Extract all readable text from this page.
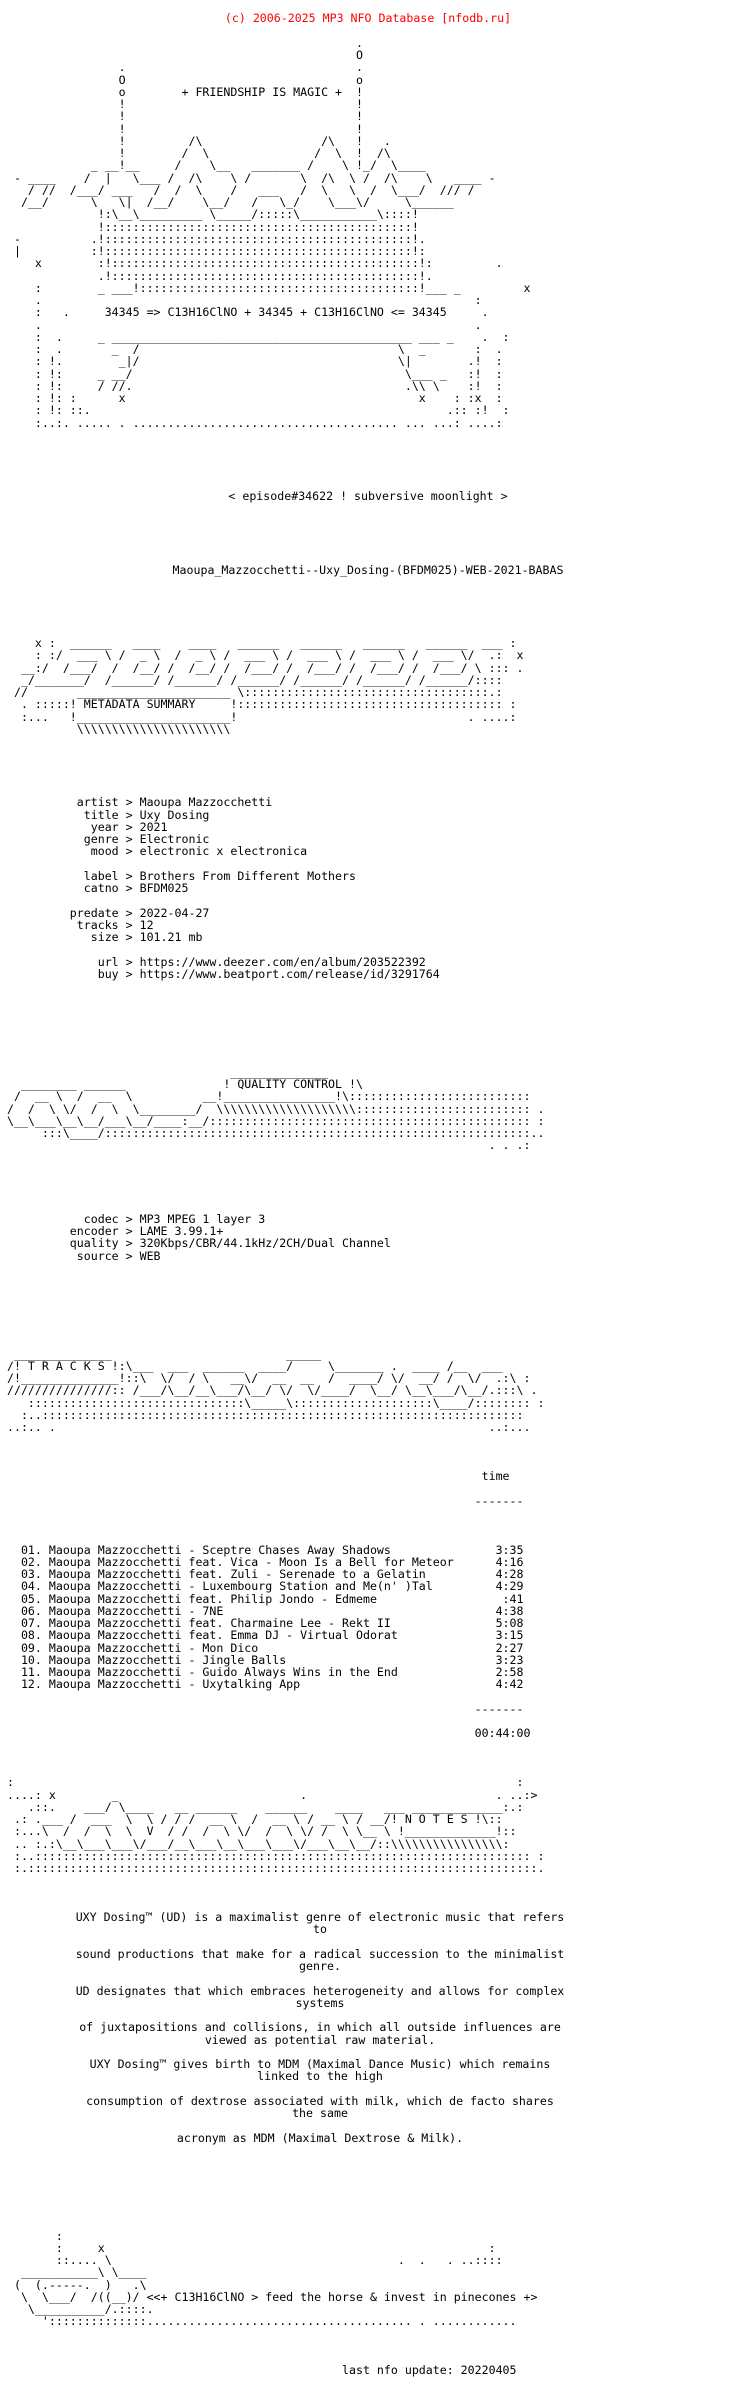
(c) 2006-2025 MP3 NFO Database [nfodb.ru]

.
O
.                                 .
O                                 o
o        + FRIENDSHIP IS MAGIC +  !
!                                 !
!                                 !
!                                 !
!         /\                 /\   !   .
!        /  \               /  \  !  /\
_ __!__     /    \__   _______ /    \ !_/  \____
- ____    /  |   \___ /  /\    \ /       \  /\  \ /  /\    \   ____ -
/ //  /___/ ___   /  /  \    /   ___   /  \   \  /  \___/  /// /
/__/      \   \|  /__/    \__/   /   \_/    \___\/     \______
!:\__\_________ \_____/:::::\___________\::::!
!::::::::::::::::::::::::::::::::::::::::::::!
-          .!::::::::::::::::::::::::::::::::::::::::::::!.
|          :!::::::::::::::::::::::::::::::::::::::::::::!:
x        :!::::::::::::::::::::::::::::::::::::::::::::!:         .
.!::::::::::::::::::::::::::::::::::::::::::::!.
:        _ ___!::::::::::::::::::::::::::::::::::::::::!___ _         x
.                                                              :
:   .     34345 => C13H16ClNO + 34345 + C13H16ClNO <= 34345     .
.                                                              .
:  .     _ ___________________________________________ ___ _    .  :
:  .       _  /                                     \  _       :  .
: !.        _|/                                     \|        .!  :
: !:     _ __/                                       \___ _   :!  :
: !:     / //.                                       .\\ \    :!  :
: !: :      x                                          x    : :x  :
: !: ::.                                                   .:: :!  :
:..:. ..... . ...................................... ... ...: ....:

< episode#34622 ! subversive moonlight >

Maoupa_Mazzocchetti--Uxy_Dosing-(BFDM025)-WEB-2021-BABAS

x :  ______   ____    ____   ______   ______   ______   ______  ___ :
: :/  ___ \ /  _ \  /  _ \ /  ___ \ /  ___ \ /  ___ \ /  ___ \/  .:  x
__:/  /___/  /  /__/ /  /__/ /  /___/ /  /___/ /  /___/ /  /___/ \ ::: .
_/_______/  /______/ /______/ /______/ /______/ /______/ /______/::::
//       ______________________ \:::::::::::::::::::::::::::::::::::.:
. :::::! METADATA SUMMARY     !:::::::::::::::::::::::::::::::::::::: :
:...   !______________________!                                 . ....:
\\\\\\\\\\\\\\\\\\\\\\

artist > Maoupa Mazzocchetti
title > Uxy Dosing
year > 2021
genre > Electronic
mood > electronic x electronica

label > Brothers From Different Mothers
catno > BFDM025

predate > 2022-04-27
tracks > 12
size > 101.21 mb

url > https://www.deezer.com/en/album/203522392
buy > https://www.beatport.com/release/id/3291764

______________
________ ______              ! QUALITY CONTROL !\
/  __ \  /  __  \          __!________________!\::::::::::::::::::::::::::
/  /  \ \/  /  \  \________/  \\\\\\\\\\\\\\\\\\\\::::::::::::::::::::::::: .
\__\___\__\__/___\__/____:__/:::::::::::::::::::::::::::::::::::::::::::::: :
:::\____/:::::::::::::::::::::::::::::::::::::::::::::::::::::::::::::..
. . .:

codec > MP3 MPEG 1 layer 3
encoder > LAME 3.99.1+
quality > 320Kbps/CBR/44.1kHz/2CH/Dual Channel
source > WEB

______________                         _____
/! T R A C K S !:\___  ___  ______  ____/     \_______ .  ____ /__  ___
/!______________!::\  \/  / \   __\/  __  __  /  ____/ \/  __/ /  \/  .:\ :
///////////////:: /___/\__/__\___/\__/ \/  \/____/  \__/ \__\___/\__/.:::\ .
:::::::::::::::::::::::::::::::\_____\::::::::::::::::::::\____/:::::::: :
:..:::::::::::::::::::::::::::::::::::::::::::::::::::::::::::::::::::::
..:.. .                                                              ..:...

time

-------

01. Maoupa Mazzocchetti - Sceptre Chases Away Shadows               3:35
02. Maoupa Mazzocchetti feat. Vica - Moon Is a Bell for Meteor      4:16
03. Maoupa Mazzocchetti feat. Zuli - Serenade to a Gelatin          4:28
04. Maoupa Mazzocchetti - Luxembourg Station and Me(n' )Tal         4:29
05. Maoupa Mazzocchetti feat. Philip Jondo - Edmeme                  :41
06. Maoupa Mazzocchetti - 7NE                                       4:38
07. Maoupa Mazzocchetti feat. Charmaine Lee - Rekt II               5:08
08. Maoupa Mazzocchetti feat. Emma DJ - Virtual Odorat              3:15
09. Maoupa Mazzocchetti - Mon Dico                                  2:27
10. Maoupa Mazzocchetti - Jingle Balls                              3:23
11. Maoupa Mazzocchetti - Guido Always Wins in the End              2:58
12. Maoupa Mazzocchetti - Uxytalking App                            4:42

-------

00:44:00

:                                                                        :
....: x        _                          .                           . ..:>
.::.    ___/ \____   __ ______    ______    ____   ___ _____________:.:
.: .___ /  ___  \  \ / / /  __ \  /  __ \ / __ \ / __/! N O T E S !\::
:...\  /  /  \  \  V  / /  /  \ \/  /  \ \/ /  \ \__ \ !_____________!::
.. :.:\__\___\___\/___/__\___\__\___\___\/___\__\__/::\\\\\\\\\\\\\\\\:
:..::::::::::::::::::::::::::::::::::::::::::::::::::::::::::::::::::::::: :
:.:::::::::::::::::::::::::::::::::::::::::::::::::::::::::::::::::::::::::.

UXY Dosing™ (UD) is a maximalist genre of electronic music that refers
to

sound productions that make for a radical succession to the minimalist
genre.

UD designates that which embraces heterogeneity and allows for complex
systems

of juxtapositions and collisions, in which all outside influences are
viewed as potential raw material.

UXY Dosing™ gives birth to MDM (Maximal Dance Music) which remains
linked to the high

consumption of dextrose associated with milk, which de facto shares
the same

acronym as MDM (Maximal Dextrose & Milk).

:
:     x                                                       :
::.... \                                         .  .   . ..::::
___________\ \____
(  (.-----.  )   .\
\  \___/  /((__)/ <<+ C13H16ClNO > feed the horse & invest in pinecones +>
\__________/.::::.
'::::::::::::::...................................... . ............

last nfo update: 20220405
